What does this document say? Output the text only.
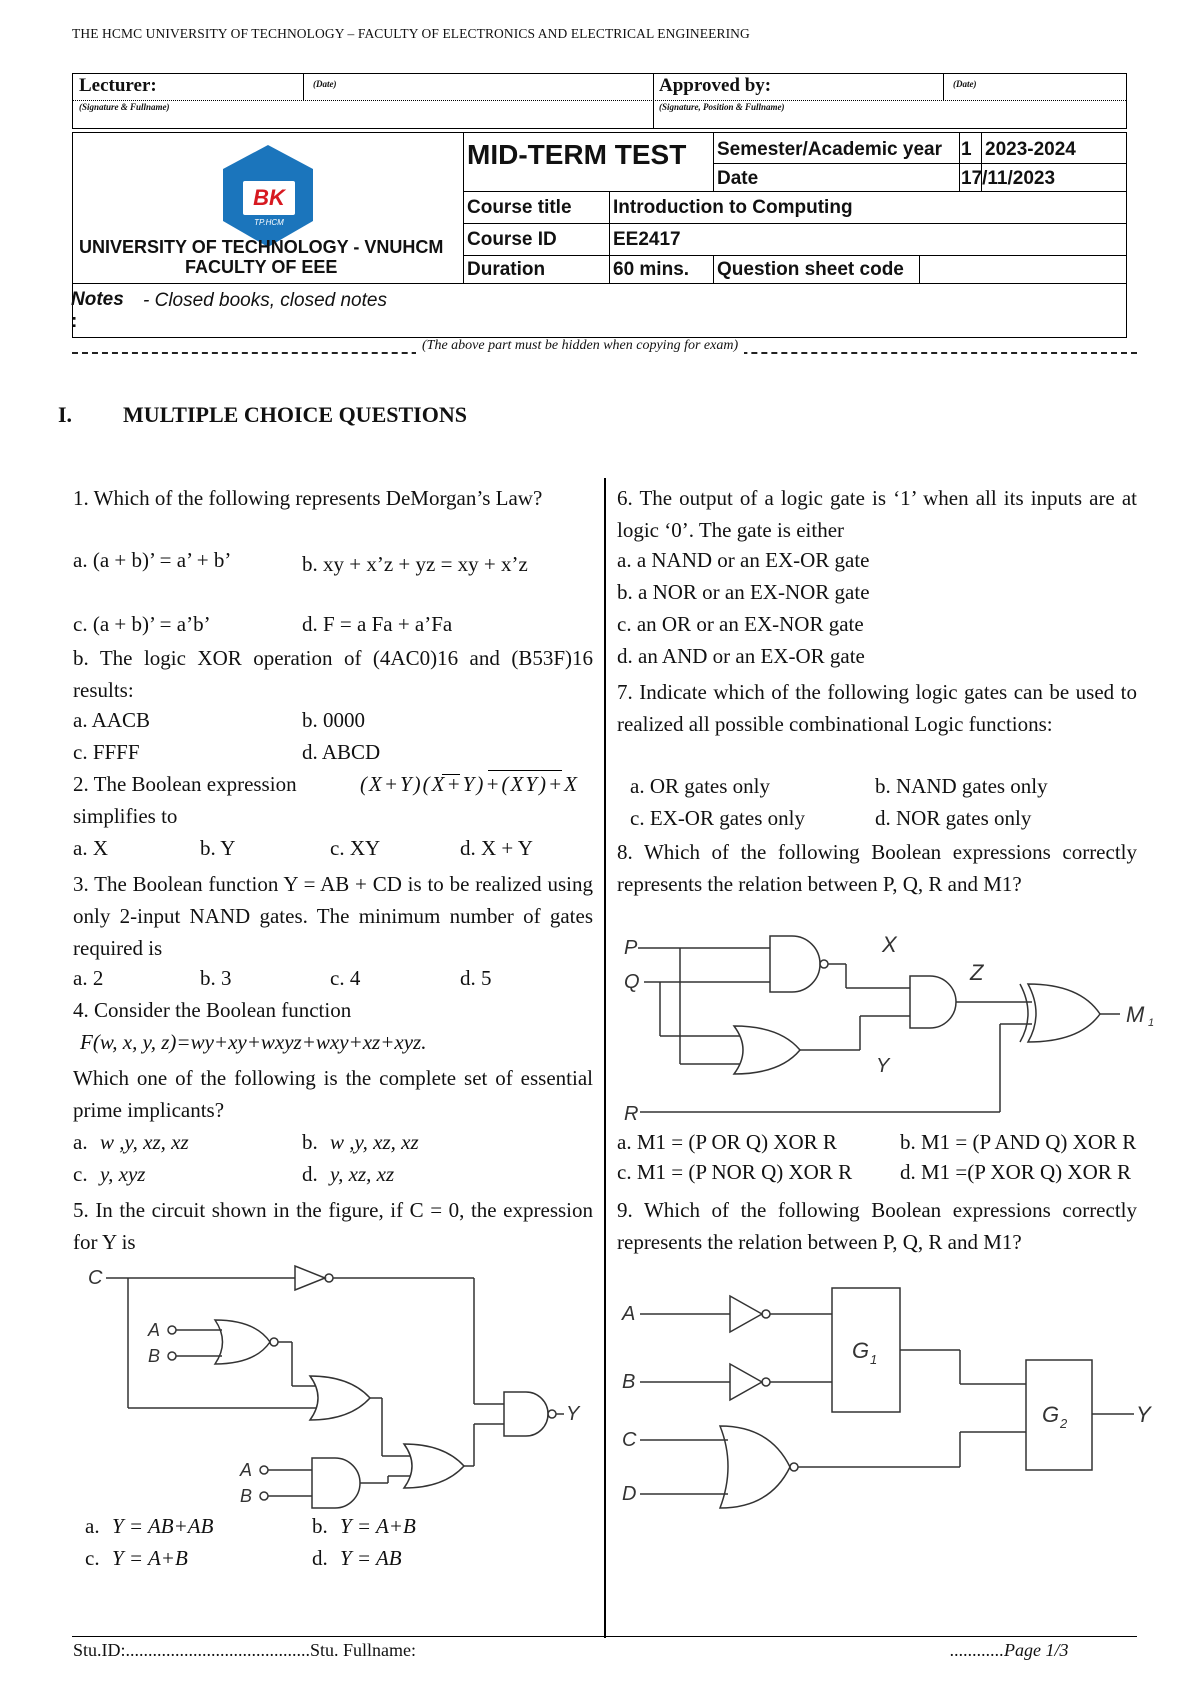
THE HCMC UNIVERSITY OF TECHNOLOGY – FACULTY OF ELECTRONICS AND ELECTRICAL ENGINEERING
Lecturer:	(Date)	Approved by:	(Date)
(Signature & Fullname)	(Signature, Position & Fullname)
BK
TP.HCM
UNIVERSITY OF TECHNOLOGY - VNUHCM
FACULTY OF EEE
MID-TERM TEST Semester/Academic year 1 2023-2024
Date	17/11/2023
Course title Introduction to Computing
Course ID	EE2417
Duration	60 mins. Question sheet code
Notes
:
- Closed books, closed notes
(The above part must be hidden when copying for exam)
I. MULTIPLE CHOICE QUESTIONS
1. Which of the following represents DeMorgan’s Law?
a. (a + b)’ = a’ + b’	b. xy + x’z + yz = xy + x’z
c. (a + b)’ = a’b’	d. F = a Fa + a’Fa
b. The logic XOR operation of (4AC0)16 and (B53F)16 results:
a. AACB	b. 0000
c. FFFF	d. ABCD
2. The Boolean expression	(X+Y)(X+Y)+(XY)+X
simplifies to
a. X	b. Y	c. XY	d. X + Y
3. The Boolean function Y = AB + CD is to be realized using only 2-input NAND gates. The minimum number of gates required is
a. 2	b. 3	c. 4	d. 5
4. Consider the Boolean function
F(w, x, y, z)=wy+xy+wxyz+wxy+xz+xyz.
Which one of the following is the complete set of essential prime implicants?
a. w ,y, xz, xz	b. w ,y, xz, xz
c. y, xyz	d. y, xz, xz
5. In the circuit shown in the figure, if C = 0, the expression for Y is
C
A
B
A
B
Y
a. Y = AB+AB	b. Y = A+B
c. Y = A+B	d. Y = AB
6. The output of a logic gate is ‘1’ when all its inputs are at logic ‘0’. The gate is either
a. a NAND or an EX-OR gate
b. a NOR or an EX-NOR gate
c. an OR or an EX-NOR gate
d. an AND or an EX-OR gate
7. Indicate which of the following logic gates can be used to realized all possible combinational Logic functions:
a. OR gates only	b. NAND gates only
c. EX-OR gates only	d. NOR gates only
8. Which of the following Boolean expressions correctly represents the relation between P, Q, R and M1?
P
Q
X
Y
Z
R
M 1
a. M1 = (P OR Q) XOR R	b. M1 = (P AND Q) XOR R
c. M1 = (P NOR Q) XOR R d. M1 =(P XOR Q) XOR R
9. Which of the following Boolean expressions correctly represents the relation between P, Q, R and M1?
A
B
G 1
C
D
G 2	Y
Stu.ID:.........................................Stu. Fullname:	............Page 1/3
